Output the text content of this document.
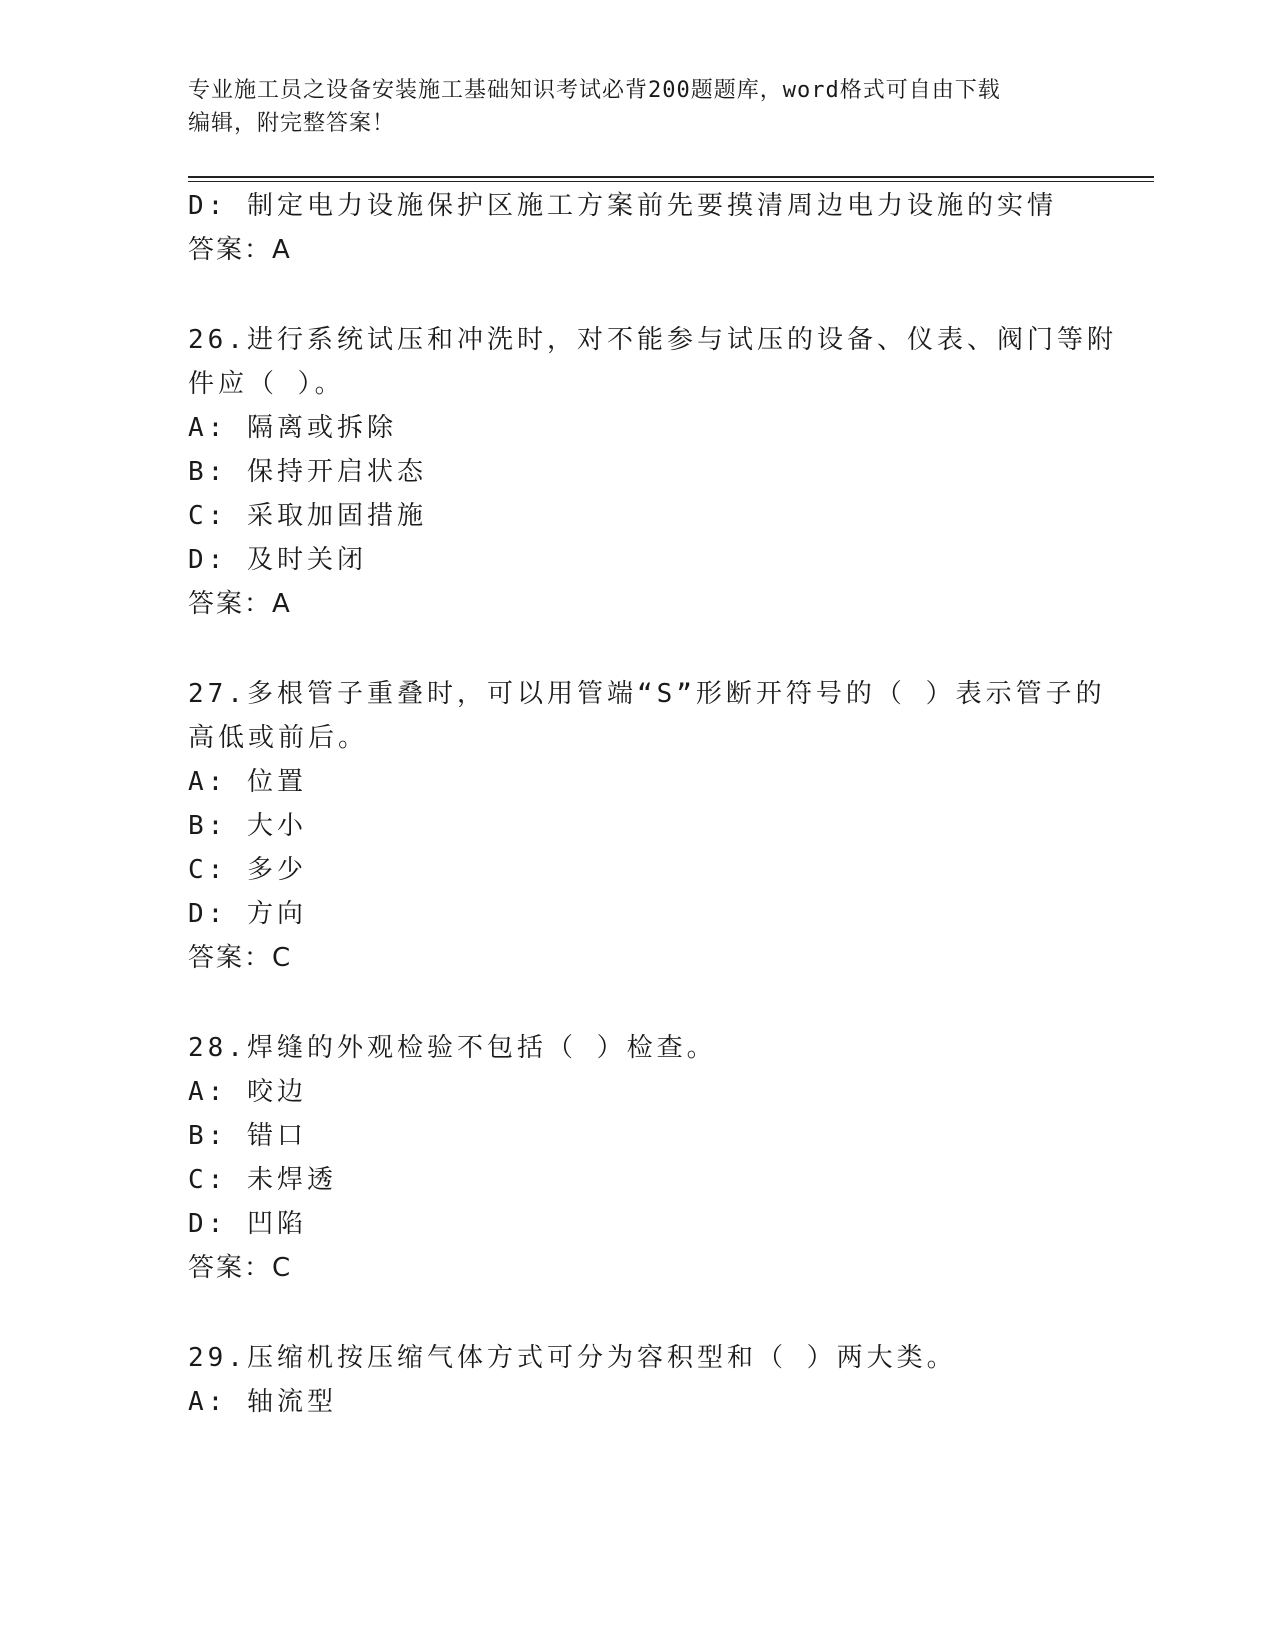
专业施工员之设备安装施工基础知识考试必背200题题库，word格式可自由下载
编辑，附完整答案！
D: 制定电力设施保护区施工方案前先要摸清周边电力设施的实情
答案：A
26.进行系统试压和冲洗时，对不能参与试压的设备、仪表、阀门等附
件应（ ）。
A: 隔离或拆除
B: 保持开启状态
C: 采取加固措施
D: 及时关闭
答案：A
27.多根管子重叠时，可以用管端“S”形断开符号的（ ）表示管子的
高低或前后。
A: 位置
B: 大小
C: 多少
D: 方向
答案：C
28.焊缝的外观检验不包括（ ）检查。
A: 咬边
B: 错口
C: 未焊透
D: 凹陷
答案：C
29.压缩机按压缩气体方式可分为容积型和（ ）两大类。
A: 轴流型
